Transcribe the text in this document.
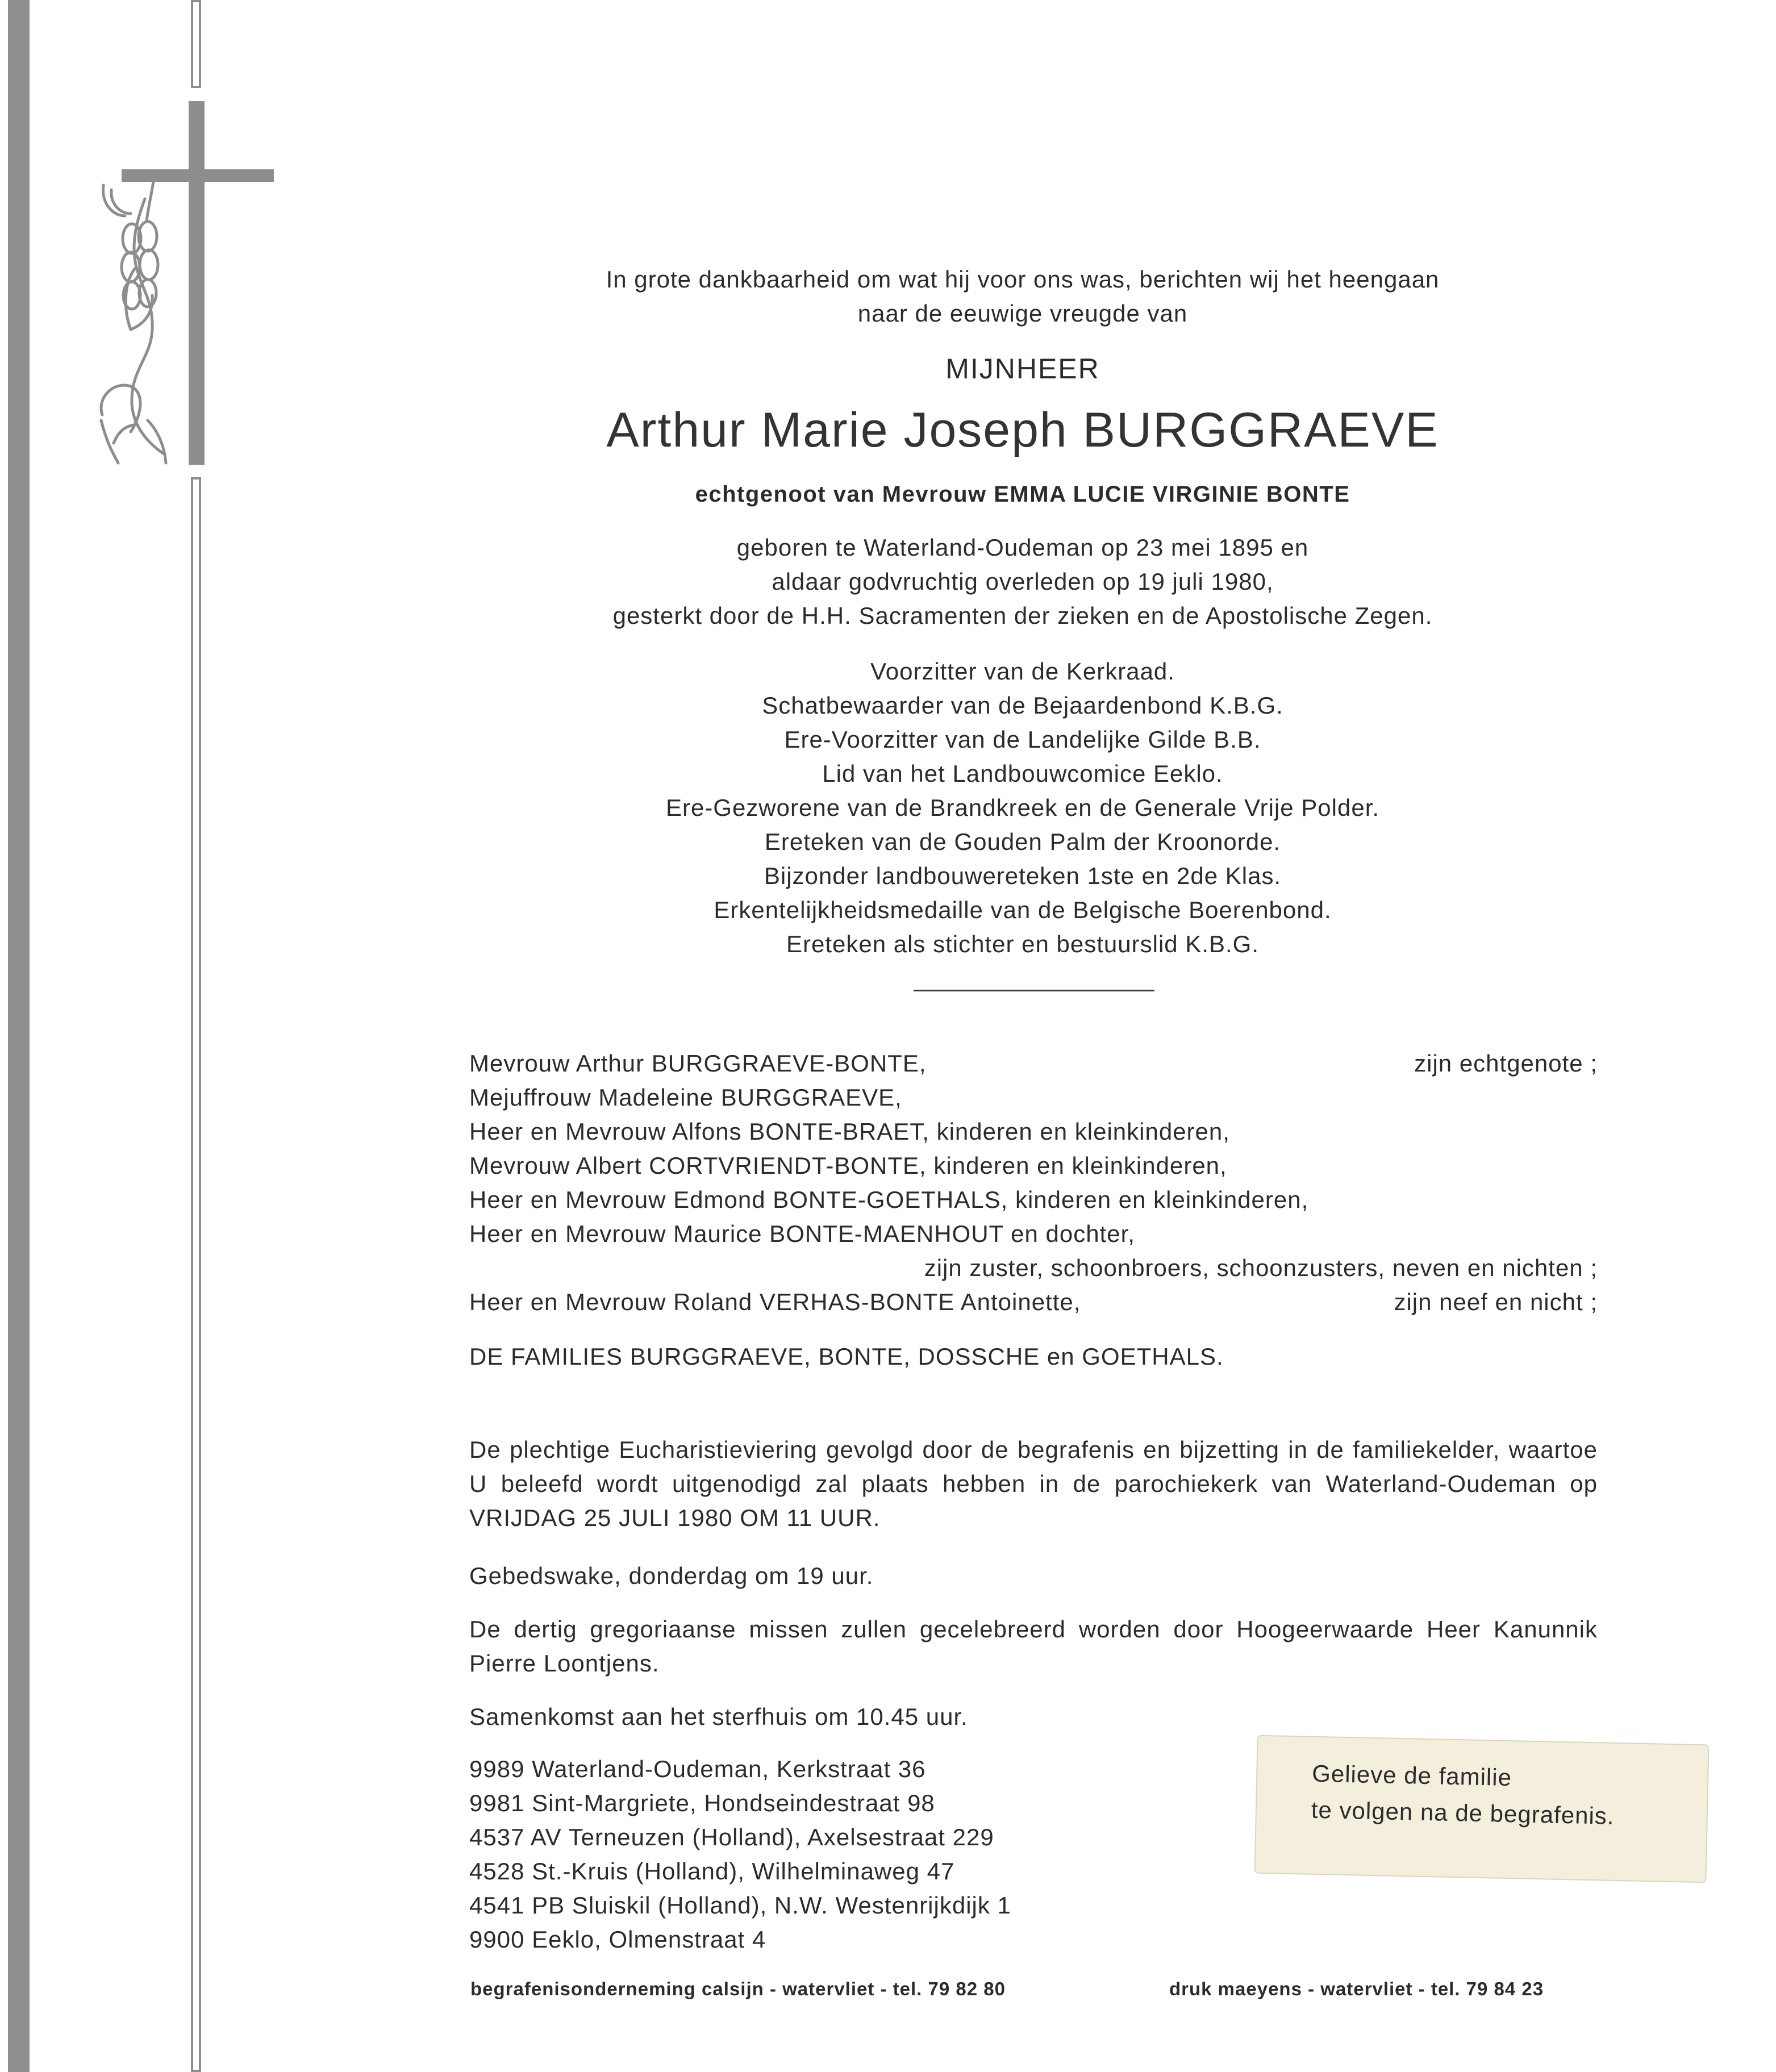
In grote dankbaarheid om wat hij voor ons was, berichten wij het heengaan

naar de eeuwige vreugde van

MIJNHEER

Arthur Marie Joseph BURGGRAEVE

echtgenoot van Mevrouw EMMA LUCIE VIRGINIE BONTE

geboren te Waterland-Oudeman op 23 mei 1895 en

aldaar godvruchtig overleden op 19 juli 1980,

gesterkt door de H.H. Sacramenten der zieken en de Apostolische Zegen.

Voorzitter van de Kerkraad.

Schatbewaarder van de Bejaardenbond K.B.G.

Ere-Voorzitter van de Landelijke Gilde B.B.

Lid van het Landbouwcomice Eeklo.

Ere-Gezworene van de Brandkreek en de Generale Vrije Polder.

Ereteken van de Gouden Palm der Kroonorde.

Bijzonder landbouwereteken 1ste en 2de Klas.

Erkentelijkheidsmedaille van de Belgische Boerenbond.

Ereteken als stichter en bestuurslid K.B.G.

Mevrouw Arthur BURGGRAEVE-BONTE,	zijn echtgenote ;

Mejuffrouw Madeleine BURGGRAEVE,

Heer en Mevrouw Alfons BONTE-BRAET, kinderen en kleinkinderen,

Mevrouw Albert CORTVRIENDT-BONTE, kinderen en kleinkinderen,

Heer en Mevrouw Edmond BONTE-GOETHALS, kinderen en kleinkinderen,

Heer en Mevrouw Maurice BONTE-MAENHOUT en dochter,

zijn zuster, schoonbroers, schoonzusters, neven en nichten ;

Heer en Mevrouw Roland VERHAS-BONTE Antoinette,	zijn neef en nicht ;

DE FAMILIES BURGGRAEVE, BONTE, DOSSCHE en GOETHALS.

De plechtige Eucharistieviering gevolgd door de begrafenis en bijzetting in de familiekelder, waartoe U beleefd wordt uitgenodigd zal plaats hebben in de parochiekerk van Waterland-Oudeman op VRIJDAG 25 JULI 1980 OM 11 UUR.

Gebedswake, donderdag om 19 uur.

De dertig gregoriaanse missen zullen gecelebreerd worden door Hoogeerwaarde Heer Kanunnik Pierre Loontjens.

Samenkomst aan het sterfhuis om 10.45 uur.

9989 Waterland-Oudeman, Kerkstraat 36

9981 Sint-Margriete, Hondseindestraat 98

4537 AV Terneuzen (Holland), Axelsestraat 229

4528 St.-Kruis (Holland), Wilhelminaweg 47

4541 PB Sluiskil (Holland), N.W. Westenrijkdijk 1

9900 Eeklo, Olmenstraat 4

Gelieve de familie

te volgen na de begrafenis.

begrafenisonderneming calsijn - watervliet - tel. 79 82 80	druk maeyens - watervliet - tel. 79 84 23
